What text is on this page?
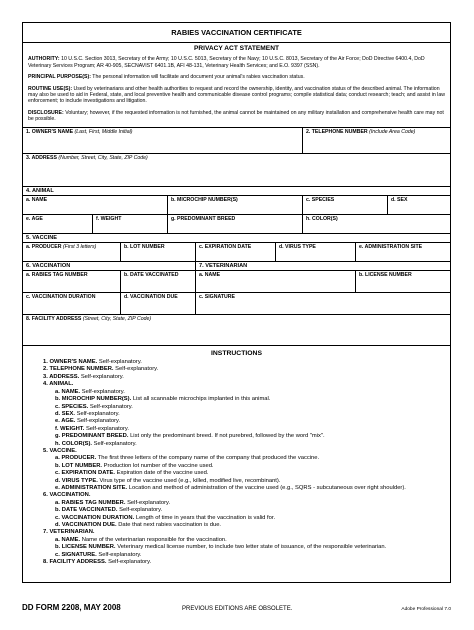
RABIES VACCINATION CERTIFICATE
PRIVACY ACT STATEMENT

AUTHORITY: 10 U.S.C. Section 3013, Secretary of the Army; 10 U.S.C. 5013, Secretary of the Navy; 10 U.S.C. 8013, Secretary of the Air Force; DoD Directive 6400.4, DoD Veterinary Services Program; AR 40-905, SECNAVIST 6401.1B, AFI 48-131, Veterinary Health Services; and E.O. 9397 (SSN).

PRINCIPAL PURPOSE(S): The personal information will facilitate and document your animal's rabies vaccination status.

ROUTINE USE(S): Used by veterinarians and other health authorities to request and record the ownership, identity, and vaccination status of the described animal. The information may also be used to aid in Federal, state, and local preventive health and communicable disease control programs; compile statistical data; conduct research; teach; and assist in law enforcement; to include investigations and litigation.

DISCLOSURE: Voluntary; however, if the requested information is not furnished, the animal cannot be maintained on any military installation and comprehensive health care may not be possible.

1. OWNER'S NAME (Last, First, Middle Initial)	2. TELEPHONE NUMBER (Include Area Code)
3. ADDRESS (Number, Street, City, State, ZIP Code)
4. ANIMAL
a. NAME	b. MICROCHIP NUMBER(S)	c. SPECIES	d. SEX
e. AGE	f. WEIGHT	g. PREDOMINANT BREED	h. COLOR(S)
5. VACCINE
a. PRODUCER (First 3 letters)	b. LOT NUMBER	c. EXPIRATION DATE	d. VIRUS TYPE	e. ADMINISTRATION SITE
6. VACCINATION	7. VETERINARIAN
a. RABIES TAG NUMBER	b. DATE VACCINATED	a. NAME	b. LICENSE NUMBER
c. VACCINATION DURATION	d. VACCINATION DUE	c. SIGNATURE
8. FACILITY ADDRESS (Street, City, State, ZIP Code)
INSTRUCTIONS
1. OWNER'S NAME. Self-explanatory.
2. TELEPHONE NUMBER. Self-explanatory.
3. ADDRESS. Self-explanatory.
4. ANIMAL.
a. NAME. Self-explanatory.
b. MICROCHIP NUMBER(S). List all scannable microchips implanted in this animal.
c. SPECIES. Self-explanatory.
d. SEX. Self-explanatory.
e. AGE. Self-explanatory.
f. WEIGHT. Self-explanatory.
g. PREDOMINANT BREED. List only the predominant breed. If not purebred, followed by the word "mix".
h. COLOR(S). Self-explanatory.
5. VACCINE.
a. PRODUCER. The first three letters of the company name of the company that produced the vaccine.
b. LOT NUMBER. Production lot number of the vaccine used.
c. EXPIRATION DATE. Expiration date of the vaccine used.
d. VIRUS TYPE. Virus type of the vaccine used (e.g., killed, modified live, recombinant).
e. ADMINISTRATION SITE. Location and method of administration of the vaccine used (e.g., SQRS - subcutaneous over right shoulder).
6. VACCINATION.
a. RABIES TAG NUMBER. Self-explanatory.
b. DATE VACCINATED. Self-explanatory.
c. VACCINATION DURATION. Length of time in years that the vaccination is valid for.
d. VACCINATION DUE. Date that next rabies vaccination is due.
7. VETERINARIAN.
a. NAME. Name of the veterinarian responsible for the vaccination.
b. LICENSE NUMBER. Veterinary medical license number, to include two letter state of issuance, of the responsible veterinarian.
c. SIGNATURE. Self-explanatory.
8. FACILITY ADDRESS. Self-explanatory.
DD FORM 2208, MAY 2008	PREVIOUS EDITIONS ARE OBSOLETE.	Adobe Professional 7.0
